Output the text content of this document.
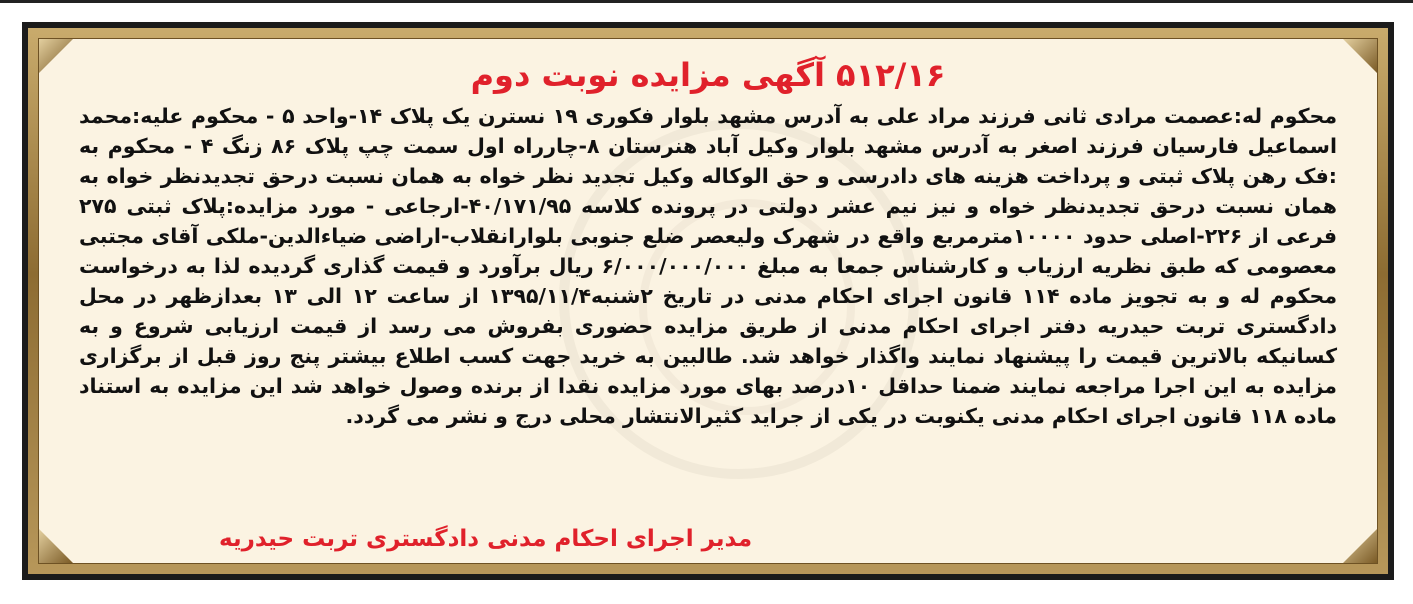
۵۱۲/۱۶ آگهی مزایده نوبت دوم
محکوم له:عصمت مرادی ثانی فرزند مراد علی به آدرس مشهد بلوار فکوری ۱۹ نسترن یک پلاک ۱۴-واحد ۵ - محکوم علیه:محمد اسماعیل فارسیان فرزند اصغر به آدرس مشهد بلوار وکیل آباد هنرستان ۸-چارراه اول سمت چپ پلاک ۸۶ زنگ ۴ - محکوم به :فک رهن پلاک ثبتی و پرداخت هزینه های دادرسی و حق الوکاله وکیل تجدید نظر خواه به همان نسبت درحق تجدیدنظر خواه به همان نسبت درحق تجدیدنظر خواه و نیز نیم عشر دولتی در پرونده کلاسه ۴۰/۱۷۱/۹۵-ارجاعی - مورد مزایده:پلاک ثبتی ۲۷۵ فرعی از ۲۲۶-اصلی حدود ۱۰۰۰۰مترمربع واقع در شهرک ولیعصر ضلع جنوبی بلوارانقلاب-اراضی ضیاءالدین-ملکی آقای مجتبی معصومی که طبق نظریه ارزیاب و کارشناس جمعا به مبلغ ۶/۰۰۰/۰۰۰/۰۰۰ ریال برآورد و قیمت گذاری گردیده لذا به درخواست محکوم له و به تجویز ماده ۱۱۴ قانون اجرای احکام مدنی در تاریخ ۲شنبه۱۳۹۵/۱۱/۴ از ساعت ۱۲ الی ۱۳ بعدازظهر در محل دادگستری تربت حیدریه دفتر اجرای احکام مدنی از طریق مزایده حضوری بفروش می رسد از قیمت ارزیابی شروع و به کسانیکه بالاترین قیمت را پیشنهاد نمایند واگذار خواهد شد. طالبین به خرید جهت کسب اطلاع بیشتر پنج روز قبل از برگزاری مزایده به این اجرا مراجعه نمایند ضمنا حداقل ۱۰درصد بهای مورد مزایده نقدا از برنده وصول خواهد شد این مزایده به استناد ماده ۱۱۸ قانون اجرای احکام مدنی یکنوبت در یکی از جراید کثیرالانتشار محلی درج و نشر می گردد.
مدیر اجرای احکام مدنی دادگستری تربت حیدریه
